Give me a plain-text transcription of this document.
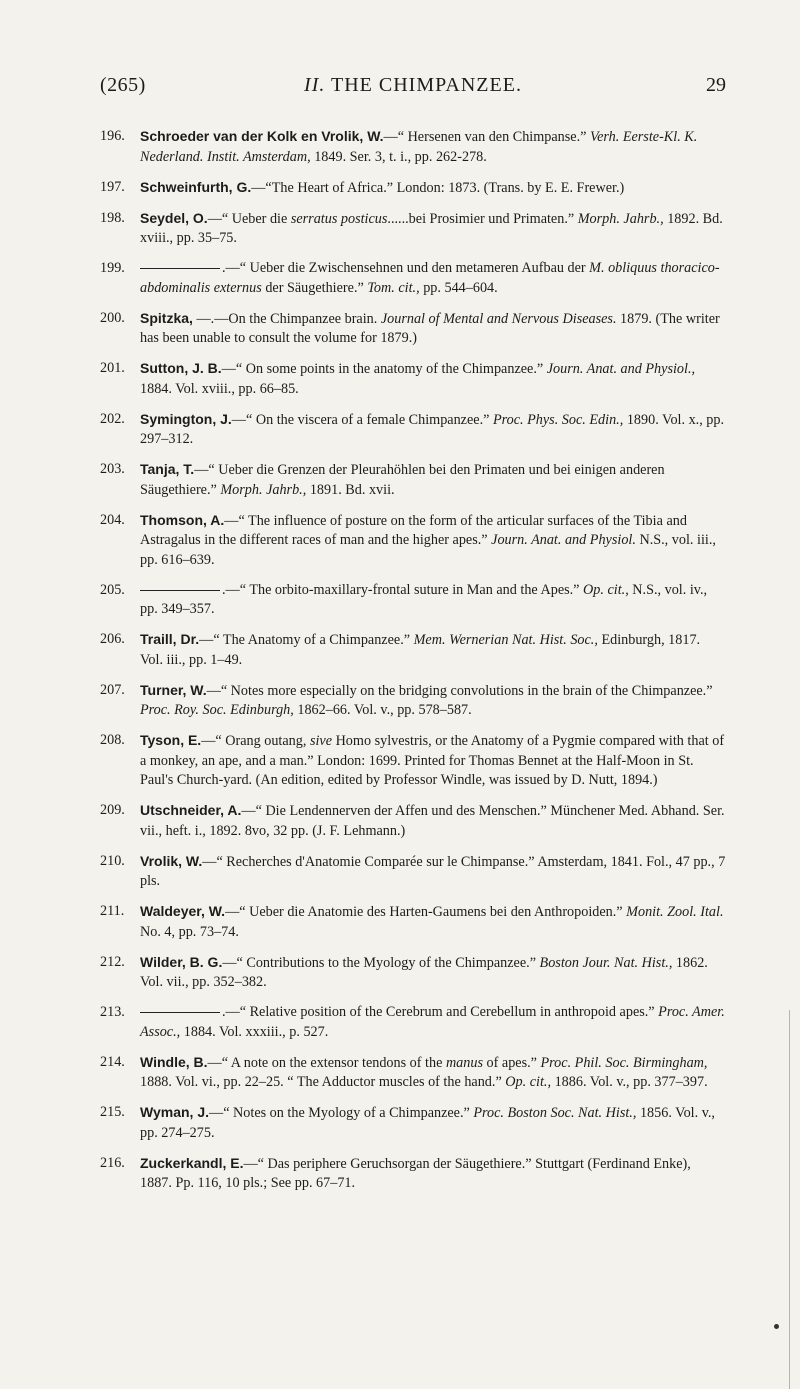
(265)	II. THE CHIMPANZEE.	29
196. Schroeder van der Kolk en Vrolik, W.—“ Hersenen van den Chimpanse.” Verh. Eerste-Kl. K. Nederland. Instit. Amsterdam, 1849. Ser. 3, t. i., pp. 262-278.
197. Schweinfurth, G.—“The Heart of Africa.” London: 1873. (Trans. by E. E. Frewer.)
198. Seydel, O.—“ Ueber die serratus posticus......bei Prosimier und Primaten.” Morph. Jahrb., 1892. Bd. xviii., pp. 35–75.
199.	.—“ Ueber die Zwischensehnen und den metameren Aufbau der M. obliquus thoracico-abdominalis externus der Säugethiere.” Tom. cit., pp. 544–604.
200. Spitzka, —.—On the Chimpanzee brain. Journal of Mental and Nervous Diseases. 1879. (The writer has been unable to consult the volume for 1879.)
201. Sutton, J. B.—“ On some points in the anatomy of the Chimpanzee.” Journ. Anat. and Physiol., 1884. Vol. xviii., pp. 66–85.
202. Symington, J.—“ On the viscera of a female Chimpanzee.” Proc. Phys. Soc. Edin., 1890. Vol. x., pp. 297–312.
203. Tanja, T.—“ Ueber die Grenzen der Pleurahöhlen bei den Primaten und bei einigen anderen Säugethiere.” Morph. Jahrb., 1891. Bd. xvii.
204. Thomson, A.—“ The influence of posture on the form of the articular surfaces of the Tibia and Astragalus in the different races of man and the higher apes.” Journ. Anat. and Physiol. N.S., vol. iii., pp. 616–639.
205.	.—“ The orbito-maxillary-frontal suture in Man and the Apes.” Op. cit., N.S., vol. iv., pp. 349–357.
206. Traill, Dr.—“ The Anatomy of a Chimpanzee.” Mem. Wernerian Nat. Hist. Soc., Edinburgh, 1817. Vol. iii., pp. 1–49.
207. Turner, W.—“ Notes more especially on the bridging convolutions in the brain of the Chimpanzee.” Proc. Roy. Soc. Edinburgh, 1862–66. Vol. v., pp. 578–587.
208. Tyson, E.—“ Orang outang, sive Homo sylvestris, or the Anatomy of a Pygmie compared with that of a monkey, an ape, and a man.” London: 1699. Printed for Thomas Bennet at the Half-Moon in St. Paul's Church-yard. (An edition, edited by Professor Windle, was issued by D. Nutt, 1894.)
209. Utschneider, A.—“ Die Lendennerven der Affen und des Menschen.” Münchener Med. Abhand. Ser. vii., heft. i., 1892. 8vo, 32 pp. (J. F. Lehmann.)
210. Vrolik, W.—“ Recherches d'Anatomie Comparée sur le Chimpanse.” Amsterdam, 1841. Fol., 47 pp., 7 pls.
211. Waldeyer, W.—“ Ueber die Anatomie des Harten-Gaumens bei den Anthropoiden.” Monit. Zool. Ital. No. 4, pp. 73–74.
212. Wilder, B. G.—“ Contributions to the Myology of the Chimpanzee.” Boston Jour. Nat. Hist., 1862. Vol. vii., pp. 352–382.
213.	.—“ Relative position of the Cerebrum and Cerebellum in anthropoid apes.” Proc. Amer. Assoc., 1884. Vol. xxxiii., p. 527.
214. Windle, B.—“ A note on the extensor tendons of the manus of apes.” Proc. Phil. Soc. Birmingham, 1888. Vol. vi., pp. 22–25. “ The Adductor muscles of the hand.” Op. cit., 1886. Vol. v., pp. 377–397.
215. Wyman, J.—“ Notes on the Myology of a Chimpanzee.” Proc. Boston Soc. Nat. Hist., 1856. Vol. v., pp. 274–275.
216. Zuckerkandl, E.—“ Das periphere Geruchsorgan der Säugethiere.” Stuttgart (Ferdinand Enke), 1887. Pp. 116, 10 pls.; See pp. 67–71.
